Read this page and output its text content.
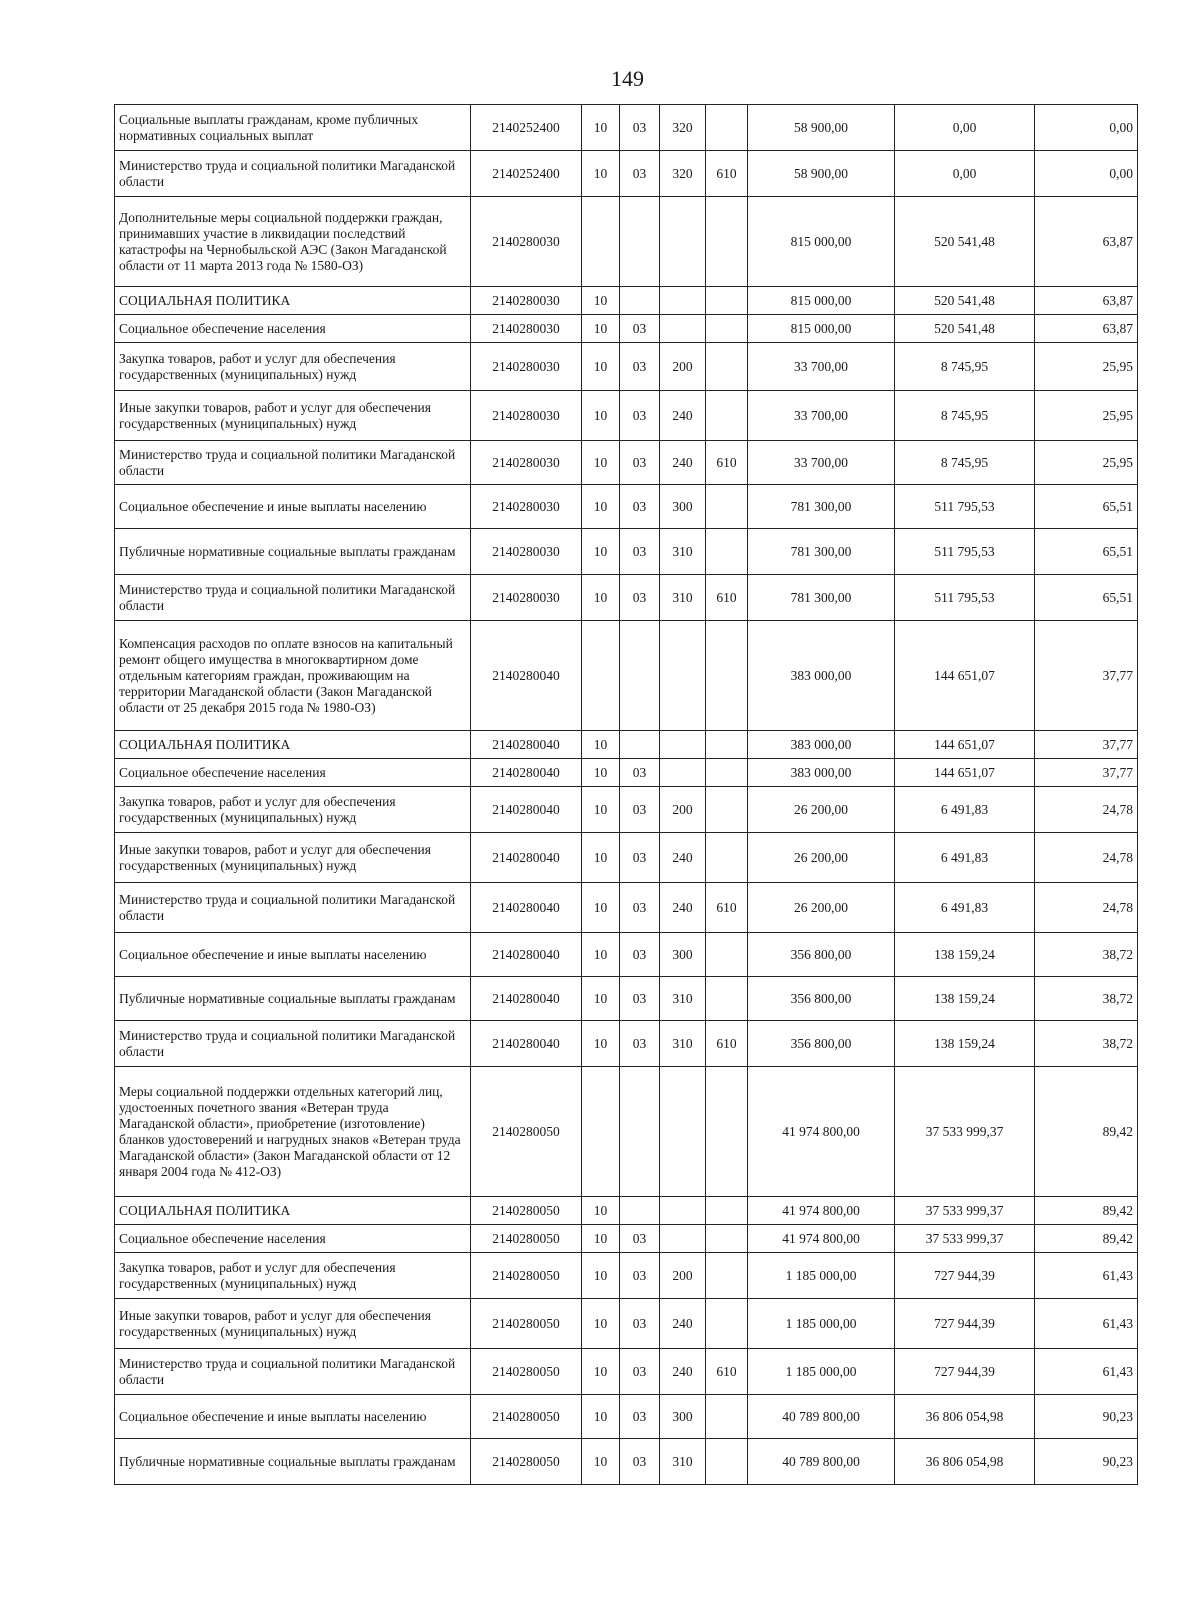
149
Социальные выплаты гражданам, кроме публичных нормативных социальных выплат	2140252400	10	03	320		58 900,00	0,00	0,00
Министерство труда и социальной политики Магаданской области	2140252400	10	03	320	610	58 900,00	0,00	0,00
Дополнительные меры социальной поддержки граждан, принимавших участие в ликвидации последствий катастрофы на Чернобыльской АЭС (Закон Магаданской области от 11 марта 2013 года № 1580-ОЗ)	2140280030					815 000,00	520 541,48	63,87
СОЦИАЛЬНАЯ ПОЛИТИКА	2140280030	10				815 000,00	520 541,48	63,87
Социальное обеспечение населения	2140280030	10	03			815 000,00	520 541,48	63,87
Закупка товаров, работ и услуг для обеспечения государственных (муниципальных) нужд	2140280030	10	03	200		33 700,00	8 745,95	25,95
Иные закупки товаров, работ и услуг для обеспечения государственных (муниципальных) нужд	2140280030	10	03	240		33 700,00	8 745,95	25,95
Министерство труда и социальной политики Магаданской области	2140280030	10	03	240	610	33 700,00	8 745,95	25,95
Социальное обеспечение и иные выплаты населению	2140280030	10	03	300		781 300,00	511 795,53	65,51
Публичные нормативные социальные выплаты гражданам	2140280030	10	03	310		781 300,00	511 795,53	65,51
Министерство труда и социальной политики Магаданской области	2140280030	10	03	310	610	781 300,00	511 795,53	65,51
Компенсация расходов по оплате взносов на капитальный ремонт общего имущества в многоквартирном доме отдельным категориям граждан, проживающим на территории Магаданской области (Закон Магаданской области от 25 декабря 2015 года № 1980-ОЗ)	2140280040					383 000,00	144 651,07	37,77
СОЦИАЛЬНАЯ ПОЛИТИКА	2140280040	10				383 000,00	144 651,07	37,77
Социальное обеспечение населения	2140280040	10	03			383 000,00	144 651,07	37,77
Закупка товаров, работ и услуг для обеспечения государственных (муниципальных) нужд	2140280040	10	03	200		26 200,00	6 491,83	24,78
Иные закупки товаров, работ и услуг для обеспечения государственных (муниципальных) нужд	2140280040	10	03	240		26 200,00	6 491,83	24,78
Министерство труда и социальной политики Магаданской области	2140280040	10	03	240	610	26 200,00	6 491,83	24,78
Социальное обеспечение и иные выплаты населению	2140280040	10	03	300		356 800,00	138 159,24	38,72
Публичные нормативные социальные выплаты гражданам	2140280040	10	03	310		356 800,00	138 159,24	38,72
Министерство труда и социальной политики Магаданской области	2140280040	10	03	310	610	356 800,00	138 159,24	38,72
Меры социальной поддержки отдельных категорий лиц, удостоенных почетного звания «Ветеран труда Магаданской области», приобретение (изготовление) бланков удостоверений и нагрудных знаков «Ветеран труда Магаданской области» (Закон Магаданской области от 12 января 2004 года № 412-ОЗ)	2140280050					41 974 800,00	37 533 999,37	89,42
СОЦИАЛЬНАЯ ПОЛИТИКА	2140280050	10				41 974 800,00	37 533 999,37	89,42
Социальное обеспечение населения	2140280050	10	03			41 974 800,00	37 533 999,37	89,42
Закупка товаров, работ и услуг для обеспечения государственных (муниципальных) нужд	2140280050	10	03	200		1 185 000,00	727 944,39	61,43
Иные закупки товаров, работ и услуг для обеспечения государственных (муниципальных) нужд	2140280050	10	03	240		1 185 000,00	727 944,39	61,43
Министерство труда и социальной политики Магаданской области	2140280050	10	03	240	610	1 185 000,00	727 944,39	61,43
Социальное обеспечение и иные выплаты населению	2140280050	10	03	300		40 789 800,00	36 806 054,98	90,23
Публичные нормативные социальные выплаты гражданам	2140280050	10	03	310		40 789 800,00	36 806 054,98	90,23
